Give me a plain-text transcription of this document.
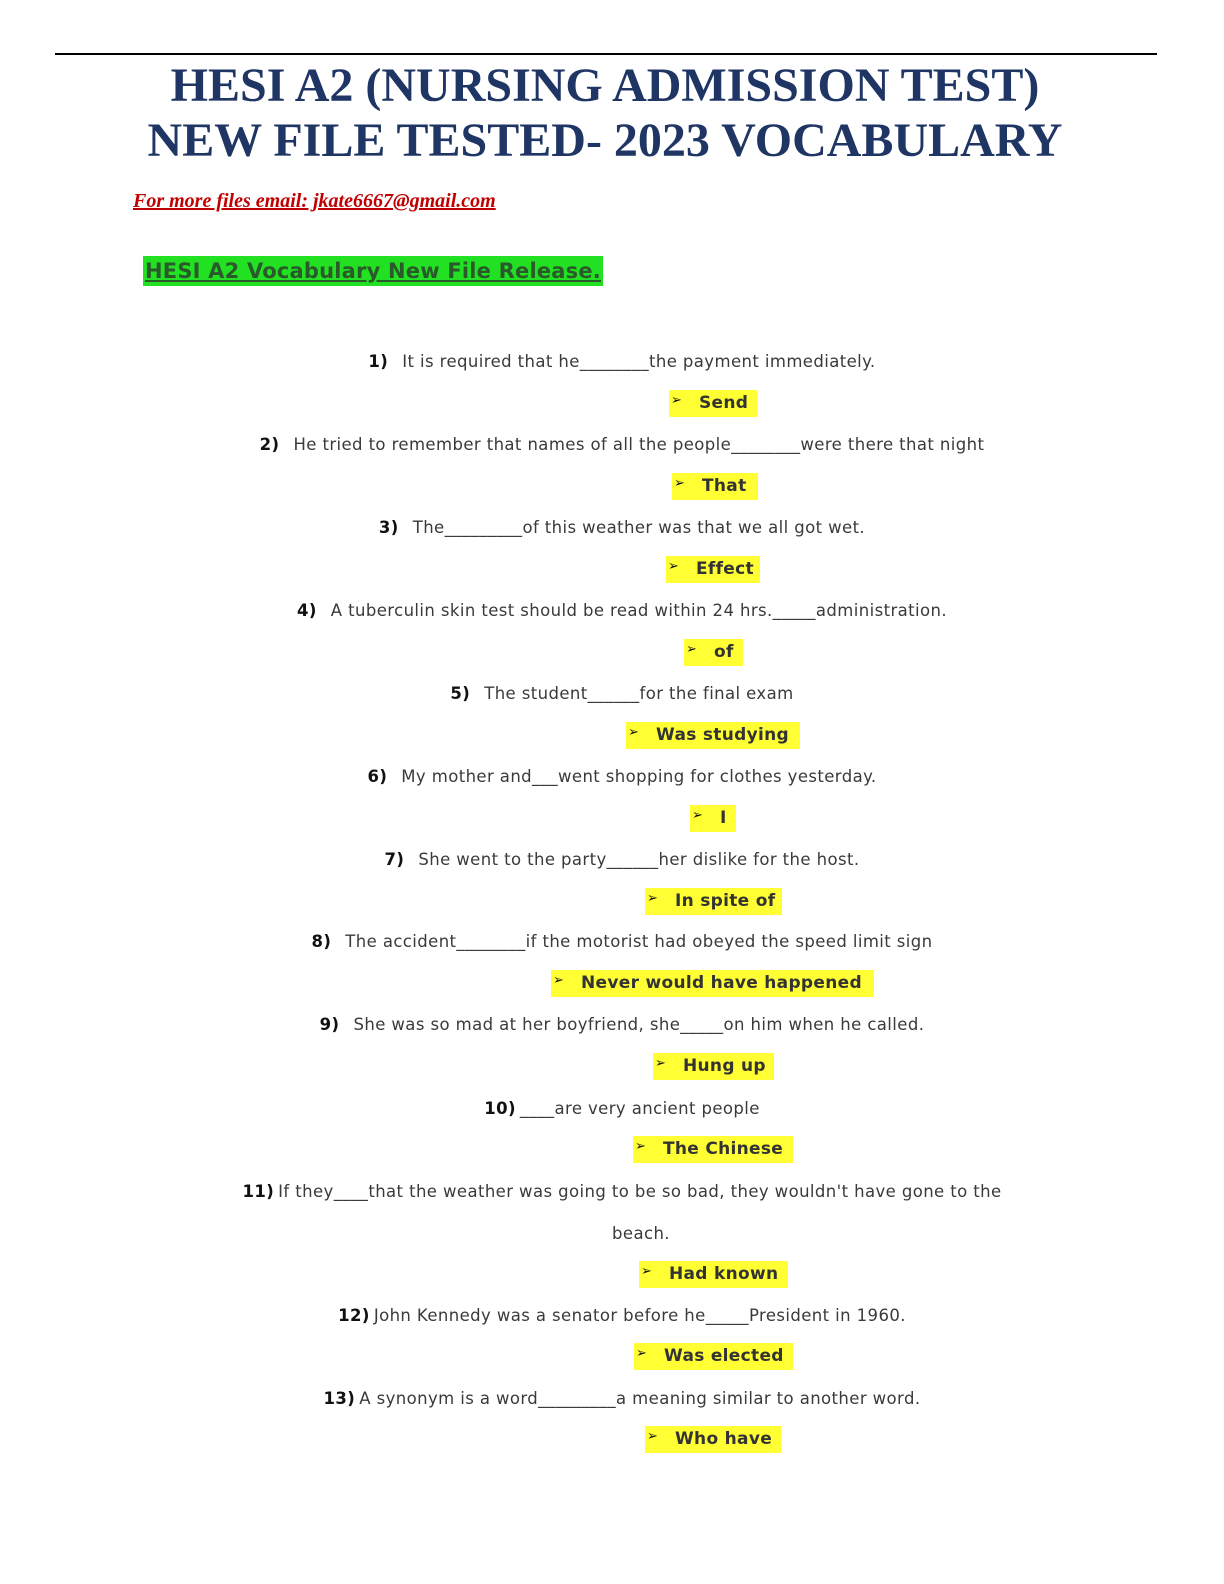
HESI A2 (NURSING ADMISSION TEST)
NEW FILE TESTED- 2023 VOCABULARY
For more files email: jkate6667@gmail.com
HESI A2 Vocabulary New File Release.
1) It is required that he________the payment immediately.
➢ Send
2) He tried to remember that names of all the people________were there that night
➢ That
3) The_________of this weather was that we all got wet.
➢ Effect
4) A tuberculin skin test should be read within 24 hrs._____administration.
➢ of
5) The student______for the final exam
➢ Was studying
6) My mother and___went shopping for clothes yesterday.
➢ I
7) She went to the party______her dislike for the host.
➢ In spite of
8) The accident________if the motorist had obeyed the speed limit sign
➢ Never would have happened
9) She was so mad at her boyfriend, she_____on him when he called.
➢ Hung up
10) ____are very ancient people
➢ The Chinese
11) If they____that the weather was going to be so bad, they wouldn't have gone to the
beach.
➢ Had known
12) John Kennedy was a senator before he_____President in 1960.
➢ Was elected
13) A synonym is a word_________a meaning similar to another word.
➢ Who have
